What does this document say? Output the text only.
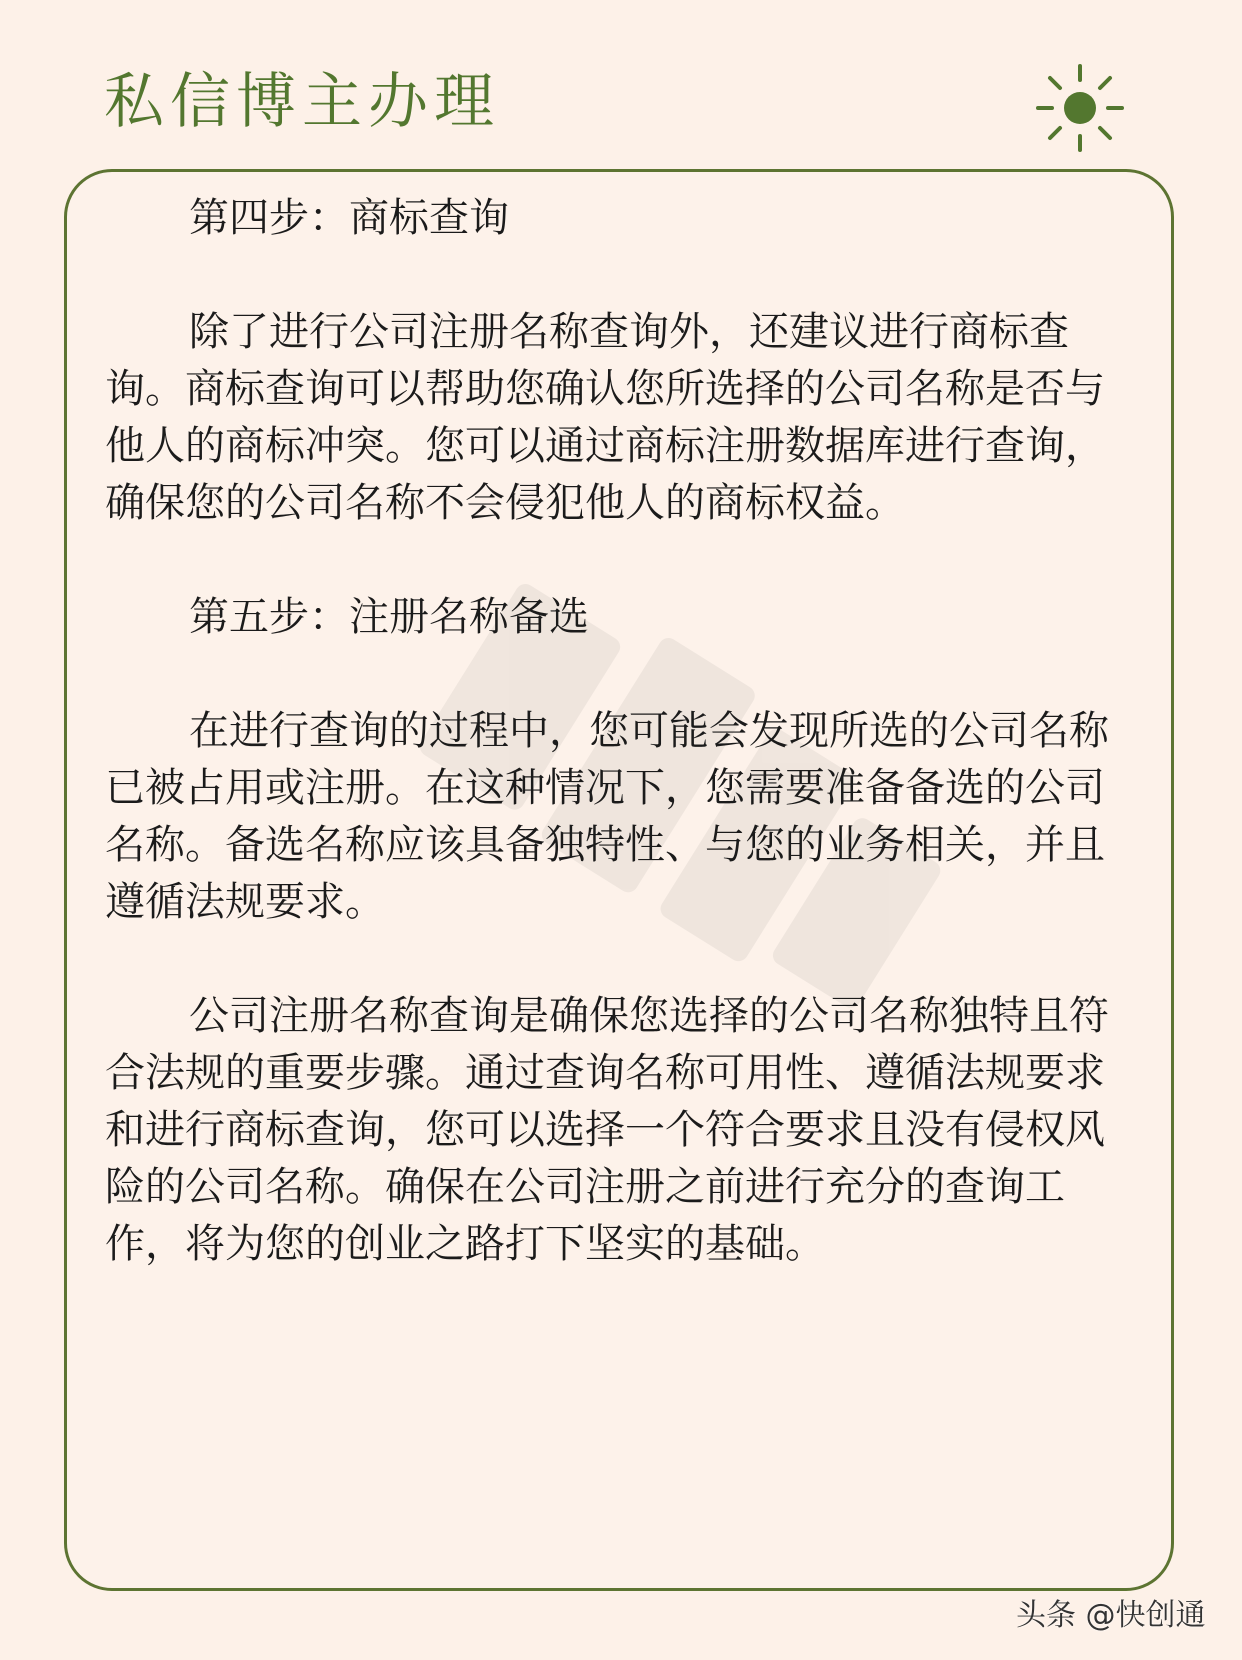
私信博主办理

第四步：商标查询

除了进行公司注册名称查询外，还建议进行商标查询。商标查询可以帮助您确认您所选择的公司名称是否与他人的商标冲突。您可以通过商标注册数据库进行查询，确保您的公司名称不会侵犯他人的商标权益。

第五步：注册名称备选

在进行查询的过程中，您可能会发现所选的公司名称已被占用或注册。在这种情况下，您需要准备备选的公司名称。备选名称应该具备独特性、与您的业务相关，并且遵循法规要求。

公司注册名称查询是确保您选择的公司名称独特且符合法规的重要步骤。通过查询名称可用性、遵循法规要求和进行商标查询，您可以选择一个符合要求且没有侵权风险的公司名称。确保在公司注册之前进行充分的查询工作，将为您的创业之路打下坚实的基础。

头条 @快创通
